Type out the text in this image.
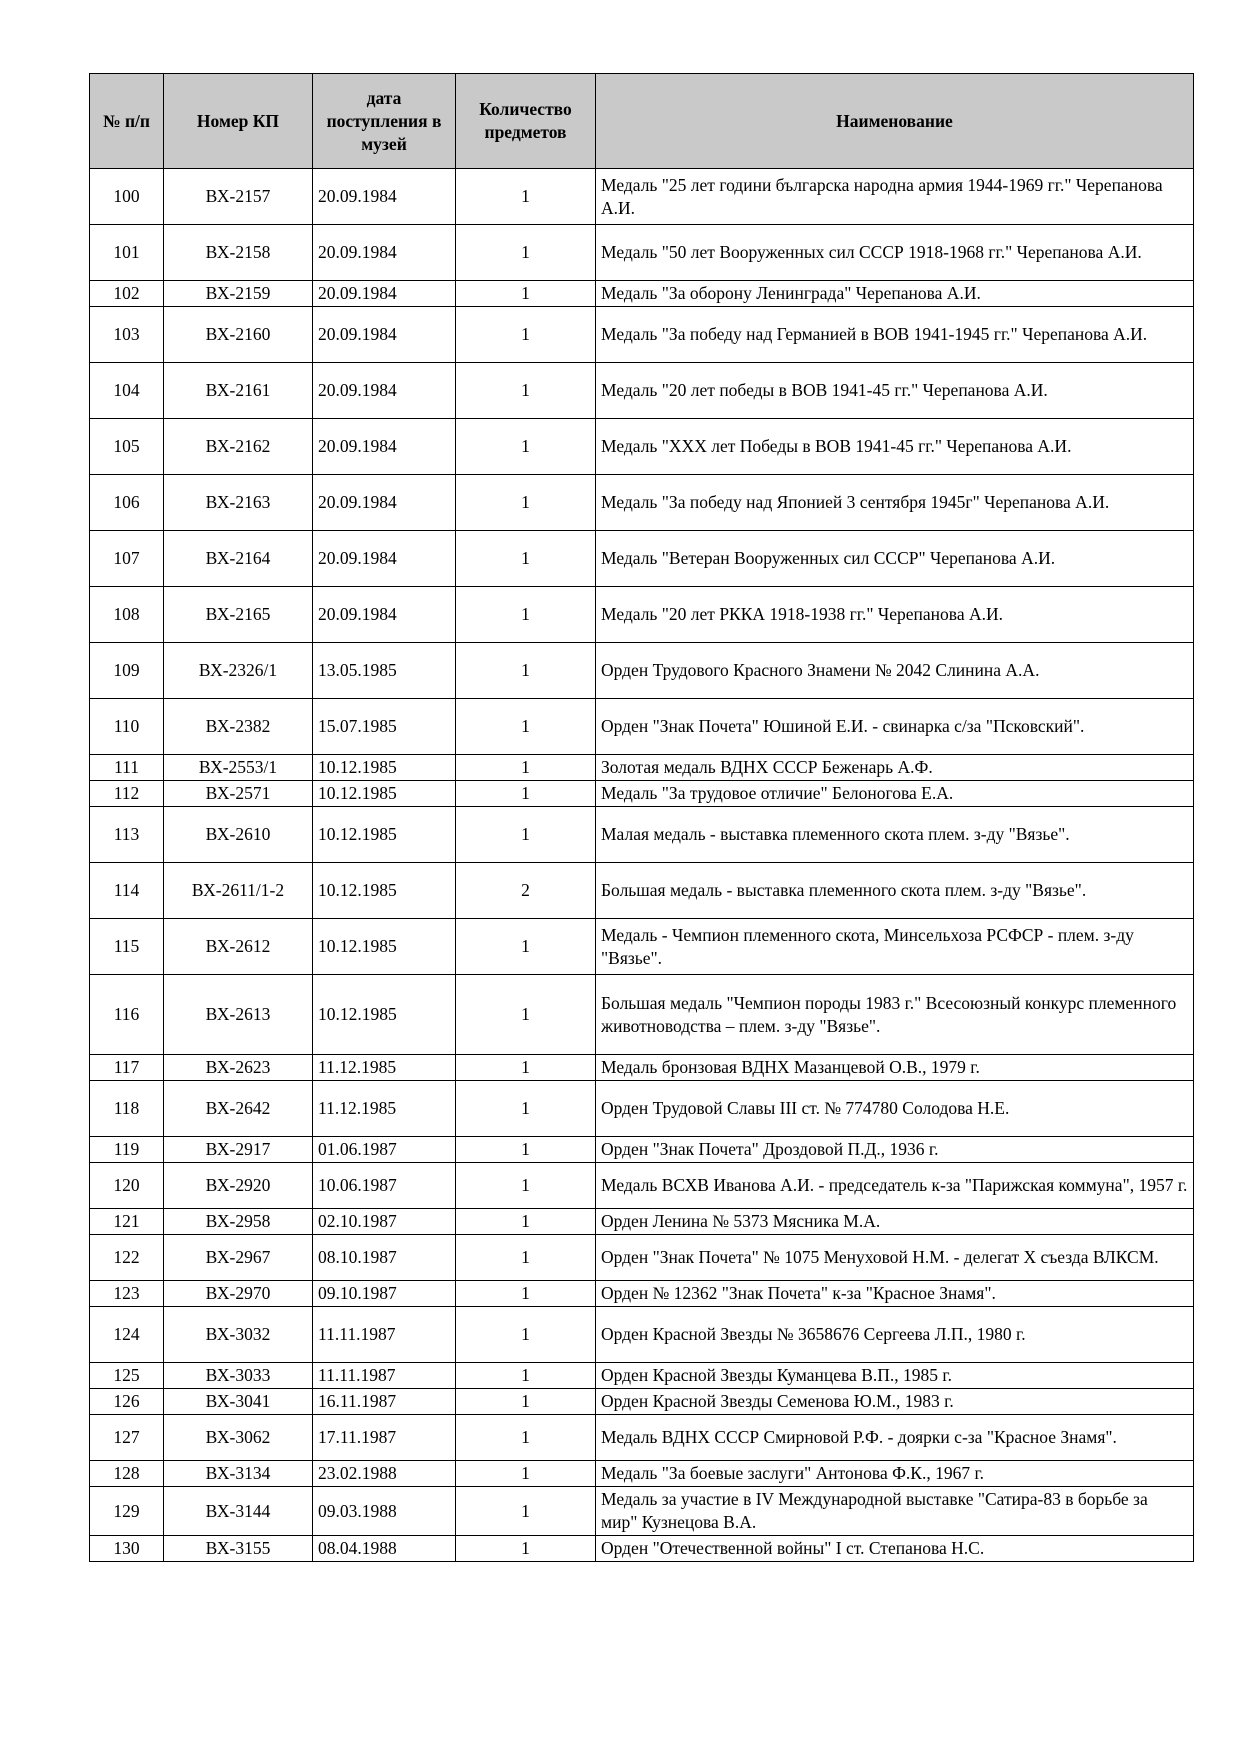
№ п/п	Номер КП	дата поступления в музей	Количество предметов	Наименование
100	ВХ-2157	20.09.1984	1	Медаль "25 лет години българска народна армия 1944-1969 гг." Черепанова А.И.
101	ВХ-2158	20.09.1984	1	Медаль "50 лет Вооруженных сил СССР 1918-1968 гг." Черепанова А.И.
102	ВХ-2159	20.09.1984	1	Медаль "За оборону Ленинграда" Черепанова А.И.
103	ВХ-2160	20.09.1984	1	Медаль "За победу над Германией в ВОВ 1941-1945 гг." Черепанова А.И.
104	ВХ-2161	20.09.1984	1	Медаль "20 лет победы в ВОВ 1941-45 гг." Черепанова А.И.
105	ВХ-2162	20.09.1984	1	Медаль "XXX лет Победы в ВОВ 1941-45 гг." Черепанова А.И.
106	ВХ-2163	20.09.1984	1	Медаль "За победу над Японией 3 сентября 1945г" Черепанова А.И.
107	ВХ-2164	20.09.1984	1	Медаль "Ветеран Вооруженных сил СССР" Черепанова А.И.
108	ВХ-2165	20.09.1984	1	Медаль "20 лет РККА 1918-1938 гг." Черепанова А.И.
109	ВХ-2326/1	13.05.1985	1	Орден Трудового Красного Знамени № 2042 Слинина А.А.
110	ВХ-2382	15.07.1985	1	Орден "Знак Почета" Юшиной Е.И. - свинарка с/за "Псковский".
111	ВХ-2553/1	10.12.1985	1	Золотая медаль ВДНХ СССР Беженарь А.Ф.
112	ВХ-2571	10.12.1985	1	Медаль "За трудовое отличие" Белоногова Е.А.
113	ВХ-2610	10.12.1985	1	Малая медаль - выставка племенного скота плем. з-ду "Вязье".
114	ВХ-2611/1-2	10.12.1985	2	Большая медаль - выставка племенного скота плем. з-ду "Вязье".
115	ВХ-2612	10.12.1985	1	Медаль - Чемпион племенного скота, Минсельхоза РСФСР - плем. з-ду "Вязье".
116	ВХ-2613	10.12.1985	1	Большая медаль "Чемпион породы 1983 г." Всесоюзный конкурс племенного животноводства – плем. з-ду "Вязье".
117	ВХ-2623	11.12.1985	1	Медаль бронзовая ВДНХ Мазанцевой О.В., 1979 г.
118	ВХ-2642	11.12.1985	1	Орден Трудовой Славы III ст. № 774780 Солодова Н.Е.
119	ВХ-2917	01.06.1987	1	Орден "Знак Почета" Дроздовой П.Д., 1936 г.
120	ВХ-2920	10.06.1987	1	Медаль ВСХВ Иванова А.И. - председатель к-за "Парижская коммуна", 1957 г.
121	ВХ-2958	02.10.1987	1	Орден Ленина № 5373 Мясника М.А.
122	ВХ-2967	08.10.1987	1	Орден "Знак Почета" № 1075 Менуховой Н.М. - делегат X съезда ВЛКСМ.
123	ВХ-2970	09.10.1987	1	Орден № 12362 "Знак Почета" к-за "Красное Знамя".
124	ВХ-3032	11.11.1987	1	Орден Красной Звезды № 3658676 Сергеева Л.П., 1980 г.
125	ВХ-3033	11.11.1987	1	Орден Красной Звезды Куманцева В.П., 1985 г.
126	ВХ-3041	16.11.1987	1	Орден Красной Звезды Семенова Ю.М., 1983 г.
127	ВХ-3062	17.11.1987	1	Медаль ВДНХ СССР Смирновой Р.Ф. - доярки с-за "Красное Знамя".
128	ВХ-3134	23.02.1988	1	Медаль "За боевые заслуги" Антонова Ф.К., 1967 г.
129	ВХ-3144	09.03.1988	1	Медаль за участие в IV Международной выставке "Сатира-83 в борьбе за мир" Кузнецова В.А.
130	ВХ-3155	08.04.1988	1	Орден "Отечественной войны" I ст. Степанова Н.С.
